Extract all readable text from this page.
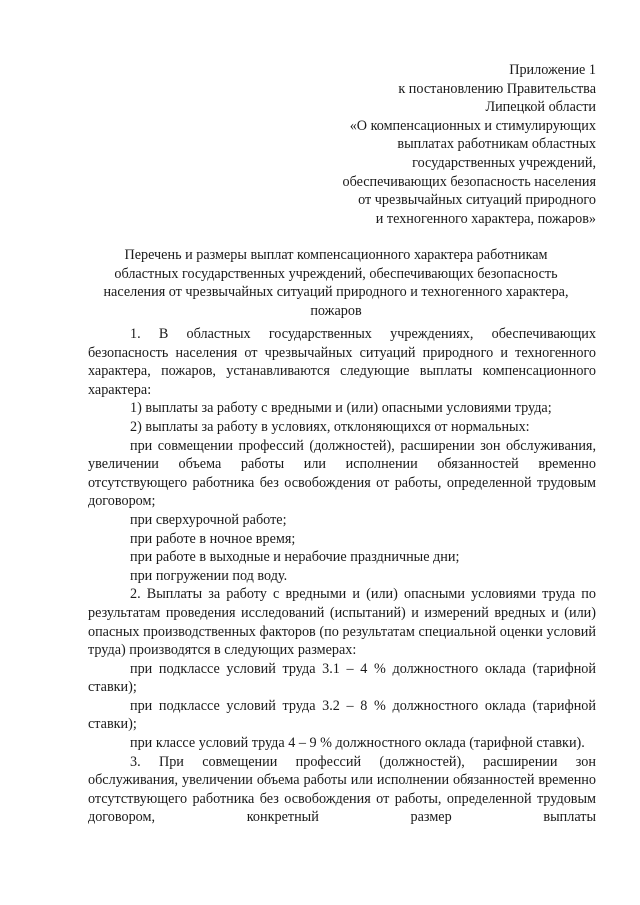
Приложение 1
к постановлению Правительства
Липецкой области
«О компенсационных и стимулирующих
выплатах работникам областных
государственных учреждений,
обеспечивающих безопасность населения
от чрезвычайных ситуаций природного
и техногенного характера, пожаров»
Перечень и размеры выплат компенсационного характера работникам
областных государственных учреждений, обеспечивающих безопасность
населения от чрезвычайных ситуаций природного и техногенного характера,
пожаров

1. В областных государственных учреждениях, обеспечивающих безопасность населения от чрезвычайных ситуаций природного и техногенного характера, пожаров, устанавливаются следующие выплаты компенсационного характера:

1) выплаты за работу с вредными и (или) опасными условиями труда;

2) выплаты за работу в условиях, отклоняющихся от нормальных:

при совмещении профессий (должностей), расширении зон обслуживания, увеличении объема работы или исполнении обязанностей временно отсутствующего работника без освобождения от работы, определенной трудовым договором;

при сверхурочной работе;

при работе в ночное время;

при работе в выходные и нерабочие праздничные дни;

при погружении под воду.

2. Выплаты за работу с вредными и (или) опасными условиями труда по результатам проведения исследований (испытаний) и измерений вредных и (или) опасных производственных факторов (по результатам специальной оценки условий труда) производятся в следующих размерах:

при подклассе условий труда 3.1 – 4 % должностного оклада (тарифной ставки);

при подклассе условий труда 3.2 – 8 % должностного оклада (тарифной ставки);

при классе условий труда 4 – 9 % должностного оклада (тарифной ставки).

3. При совмещении профессий (должностей), расширении зон обслуживания, увеличении объема работы или исполнении обязанностей временно отсутствующего работника без освобождения от работы, определенной трудовым договором, конкретный размер выплаты
